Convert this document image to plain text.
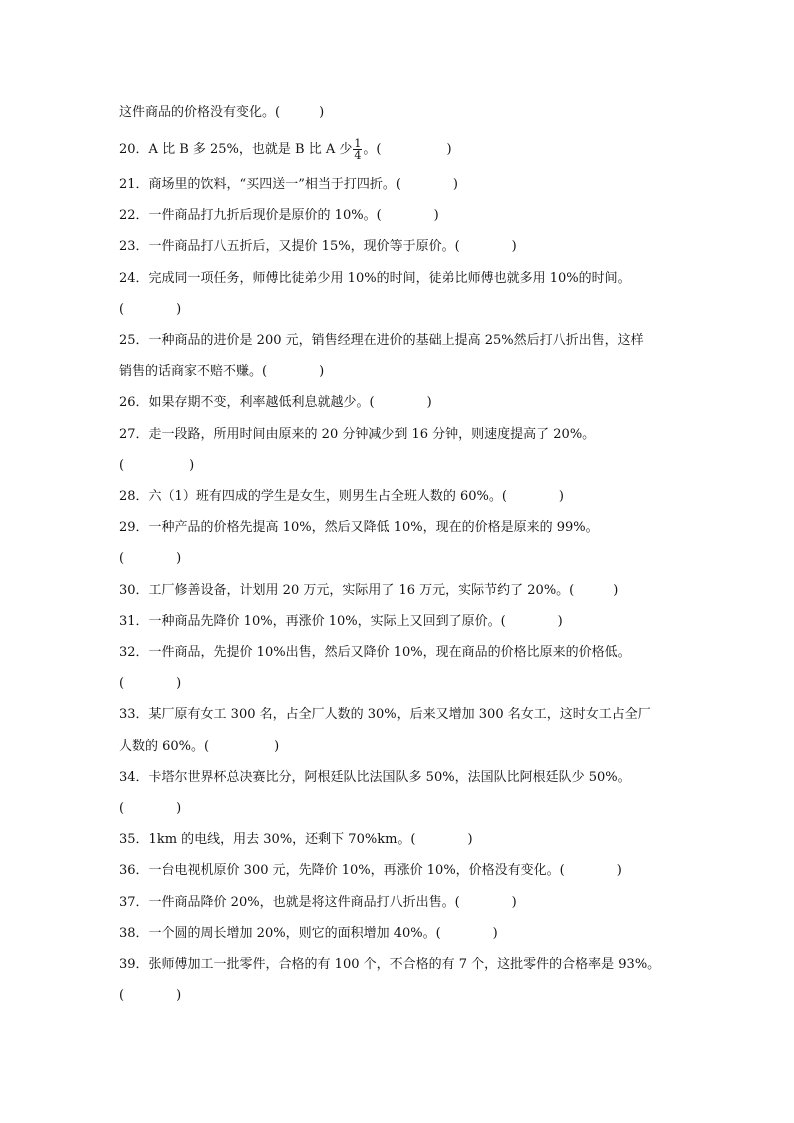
这件商品的价格没有变化。(　　　)
20．A 比 B 多 25%，也就是 B 比 A 少 $\frac{1}{4}$ 。(　　　　　)
21．商场里的饮料，“买四送一”相当于打四折。(　　　　)
22．一件商品打九折后现价是原价的 10%。(　　　　)
23．一件商品打八五折后，又提价 15%，现价等于原价。(　　　　)
24．完成同一项任务，师傅比徒弟少用 10%的时间，徒弟比师傅也就多用 10%的时间。
(　　　　)
25．一种商品的进价是 200 元，销售经理在进价的基础上提高 25%然后打八折出售，这样
销售的话商家不赔不赚。(　　　　)
26．如果存期不变，利率越低利息就越少。(　　　　)
27．走一段路，所用时间由原来的 20 分钟减少到 16 分钟，则速度提高了 20%。
(　　　　　)
28．六（1）班有四成的学生是女生，则男生占全班人数的 60%。(　　　　)
29．一种产品的价格先提高 10%，然后又降低 10%，现在的价格是原来的 99%。
(　　　　)
30．工厂修善设备，计划用 20 万元，实际用了 16 万元，实际节约了 20%。(　　　)
31．一种商品先降价 10%，再涨价 10%，实际上又回到了原价。(　　　　)
32．一件商品，先提价 10%出售，然后又降价 10%，现在商品的价格比原来的价格低。
(　　　　)
33．某厂原有女工 300 名，占全厂人数的 30%，后来又增加 300 名女工，这时女工占全厂
人数的 60%。(　　　　　)
34．卡塔尔世界杯总决赛比分，阿根廷队比法国队多 50%，法国队比阿根廷队少 50%。
(　　　　)
35．1km 的电线，用去 30%，还剩下 70%km。(　　　　)
36．一台电视机原价 300 元，先降价 10%，再涨价 10%，价格没有变化。(　　　　)
37．一件商品降价 20%，也就是将这件商品打八折出售。(　　　　)
38．一个圆的周长增加 20%，则它的面积增加 40%。(　　　　)
39．张师傅加工一批零件，合格的有 100 个，不合格的有 7 个，这批零件的合格率是 93%。
(　　　　)
